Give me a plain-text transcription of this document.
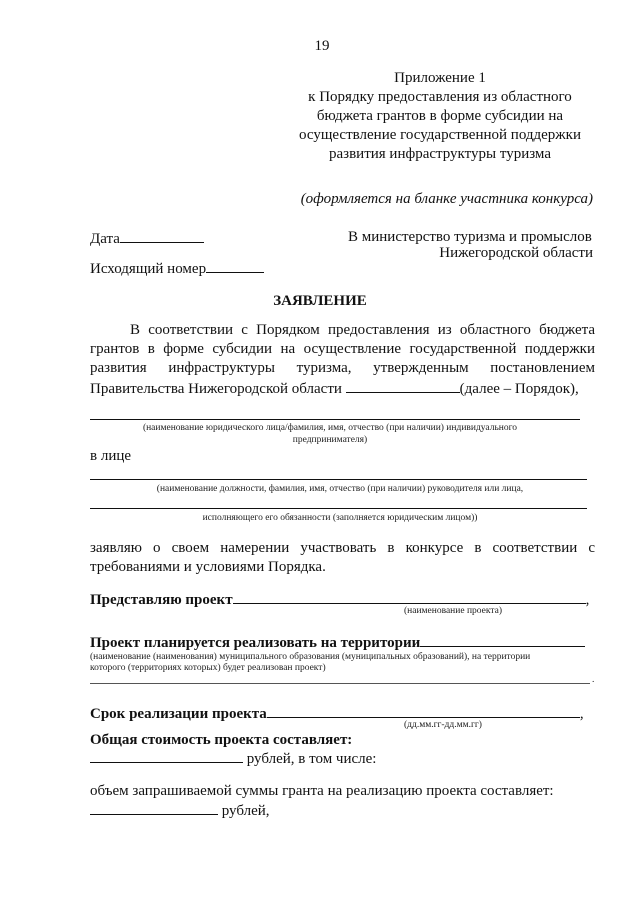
19
Приложение 1
к Порядку предоставления из областного
бюджета грантов в форме субсидии на
осуществление государственной поддержки
развития инфраструктуры туризма
(оформляется на бланке участника конкурса)
Дата	В министерство туризма и промыслов
Нижегородской области
Исходящий номер
ЗАЯВЛЕНИЕ
В соответствии с Порядком предоставления из областного бюджета
грантов в форме субсидии на осуществление государственной поддержки
развития инфраструктуры туризма, утвержденным постановлением
Правительства Нижегородской области	(далее – Порядок),
(наименование юридического лица/фамилия, имя, отчество (при наличии) индивидуального
предпринимателя)
в лице
(наименование должности, фамилия, имя, отчество (при наличии) руководителя или лица,
исполняющего его обязанности (заполняется юридическим лицом))
заявляю о своем намерении участвовать в конкурсе в соответствии с
требованиями и условиями Порядка.
Представляю проект	,
(наименование проекта)
Проект планируется реализовать на территории
(наименование (наименования) муниципального образования (муниципальных образований), на территории
которого (территориях которых) будет реализован проект)
.
Срок реализации проекта	,
(дд.мм.гг-дд.мм.гг)
Общая стоимость проекта составляет:
рублей, в том числе:
объем запрашиваемой суммы гранта на реализацию проекта составляет:
рублей,
